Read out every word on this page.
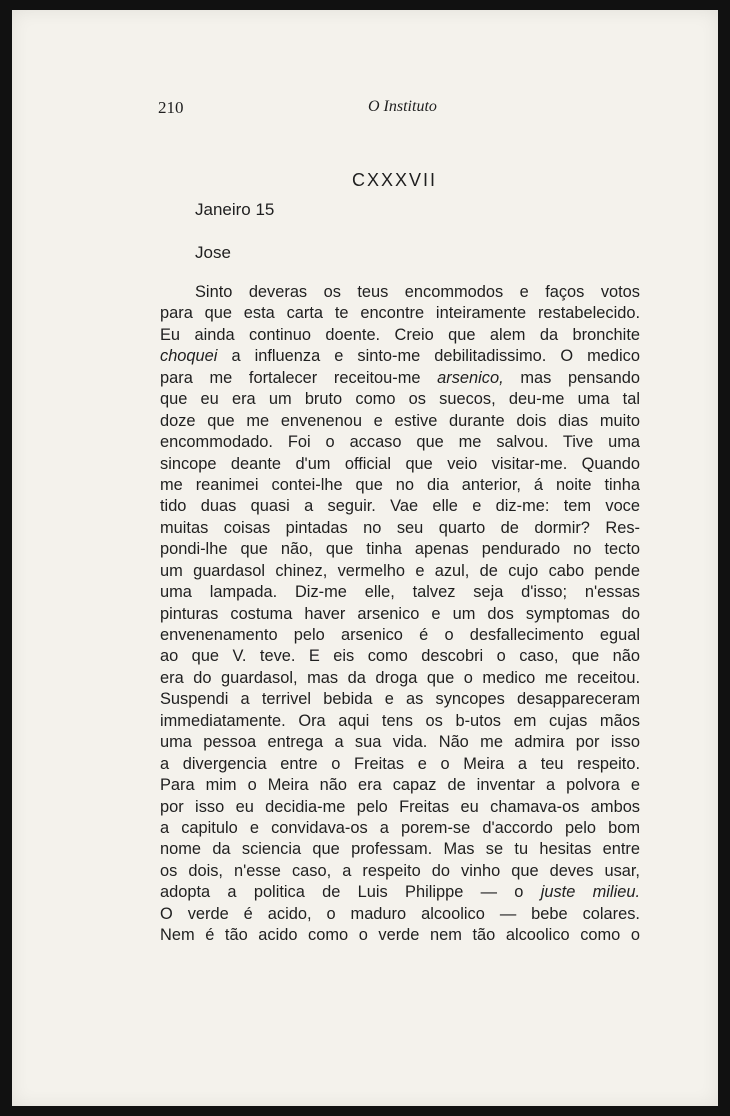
210	O Instituto
CXXXVII
Janeiro 15
Jose
Sinto deveras os teus encommodos e faços votos
para que esta carta te encontre inteiramente restabelecido.
Eu ainda continuo doente. Creio que alem da bronchite
choquei a influenza e sinto-me debilitadissimo. O medico
para me fortalecer receitou-me arsenico, mas pensando
que eu era um bruto como os suecos, deu-me uma tal
doze que me envenenou e estive durante dois dias muito
encommodado. Foi o accaso que me salvou. Tive uma
sincope deante d'um official que veio visitar-me. Quando
me reanimei contei-lhe que no dia anterior, á noite tinha
tido duas quasi a seguir. Vae elle e diz-me: tem voce
muitas coisas pintadas no seu quarto de dormir? Res-
pondi-lhe que não, que tinha apenas pendurado no tecto
um guardasol chinez, vermelho e azul, de cujo cabo pende
uma lampada. Diz-me elle, talvez seja d'isso; n'essas
pinturas costuma haver arsenico e um dos symptomas do
envenenamento pelo arsenico é o desfallecimento egual
ao que V. teve. E eis como descobri o caso, que não
era do guardasol, mas da droga que o medico me receitou.
Suspendi a terrivel bebida e as syncopes desappareceram
immediatamente. Ora aqui tens os b-utos em cujas mãos
uma pessoa entrega a sua vida. Não me admira por isso
a divergencia entre o Freitas e o Meira a teu respeito.
Para mim o Meira não era capaz de inventar a polvora e
por isso eu decidia-me pelo Freitas eu chamava-os ambos
a capitulo e convidava-os a porem-se d'accordo pelo bom
nome da sciencia que professam. Mas se tu hesitas entre
os dois, n'esse caso, a respeito do vinho que deves usar,
adopta a politica de Luis Philippe — o juste milieu.
O verde é acido, o maduro alcoolico — bebe colares.
Nem é tão acido como o verde nem tão alcoolico como o
